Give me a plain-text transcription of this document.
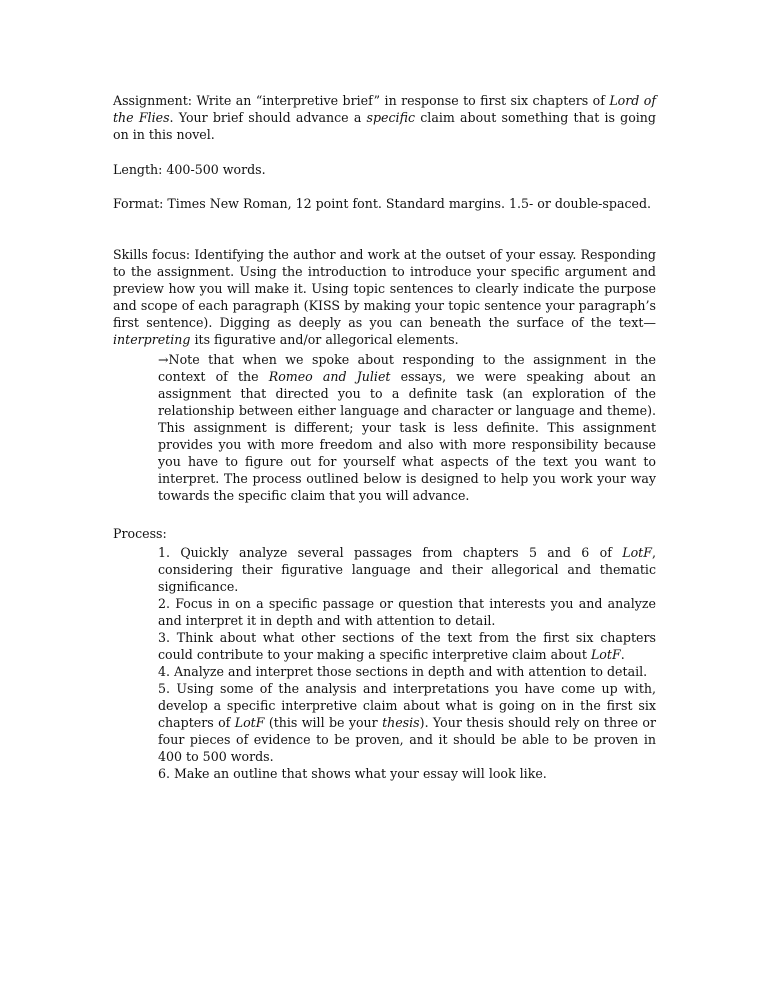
Assignment: Write an “interpretive brief” in response to first six chapters of Lord of the Flies. Your brief should advance a specific claim about something that is going on in this novel.

Length: 400-500 words.

Format: Times New Roman, 12 point font. Standard margins. 1.5- or double-spaced.

Skills focus: Identifying the author and work at the outset of your essay. Responding to the assignment. Using the introduction to introduce your specific argument and preview how you will make it. Using topic sentences to clearly indicate the purpose and scope of each paragraph (KISS by making your topic sentence your paragraph’s first sentence). Digging as deeply as you can beneath the surface of the text—interpreting its figurative and/or allegorical elements.

→Note that when we spoke about responding to the assignment in the context of the Romeo and Juliet essays, we were speaking about an assignment that directed you to a definite task (an exploration of the relationship between either language and character or language and theme). This assignment is different; your task is less definite. This assignment provides you with more freedom and also with more responsibility because you have to figure out for yourself what aspects of the text you want to interpret. The process outlined below is designed to help you work your way towards the specific claim that you will advance.

Process:

1. Quickly analyze several passages from chapters 5 and 6 of LotF, considering their figurative language and their allegorical and thematic significance.

2. Focus in on a specific passage or question that interests you and analyze and interpret it in depth and with attention to detail.

3. Think about what other sections of the text from the first six chapters could contribute to your making a specific interpretive claim about LotF.

4. Analyze and interpret those sections in depth and with attention to detail.

5. Using some of the analysis and interpretations you have come up with, develop a specific interpretive claim about what is going on in the first six chapters of LotF (this will be your thesis). Your thesis should rely on three or four pieces of evidence to be proven, and it should be able to be proven in 400 to 500 words.

6. Make an outline that shows what your essay will look like.
